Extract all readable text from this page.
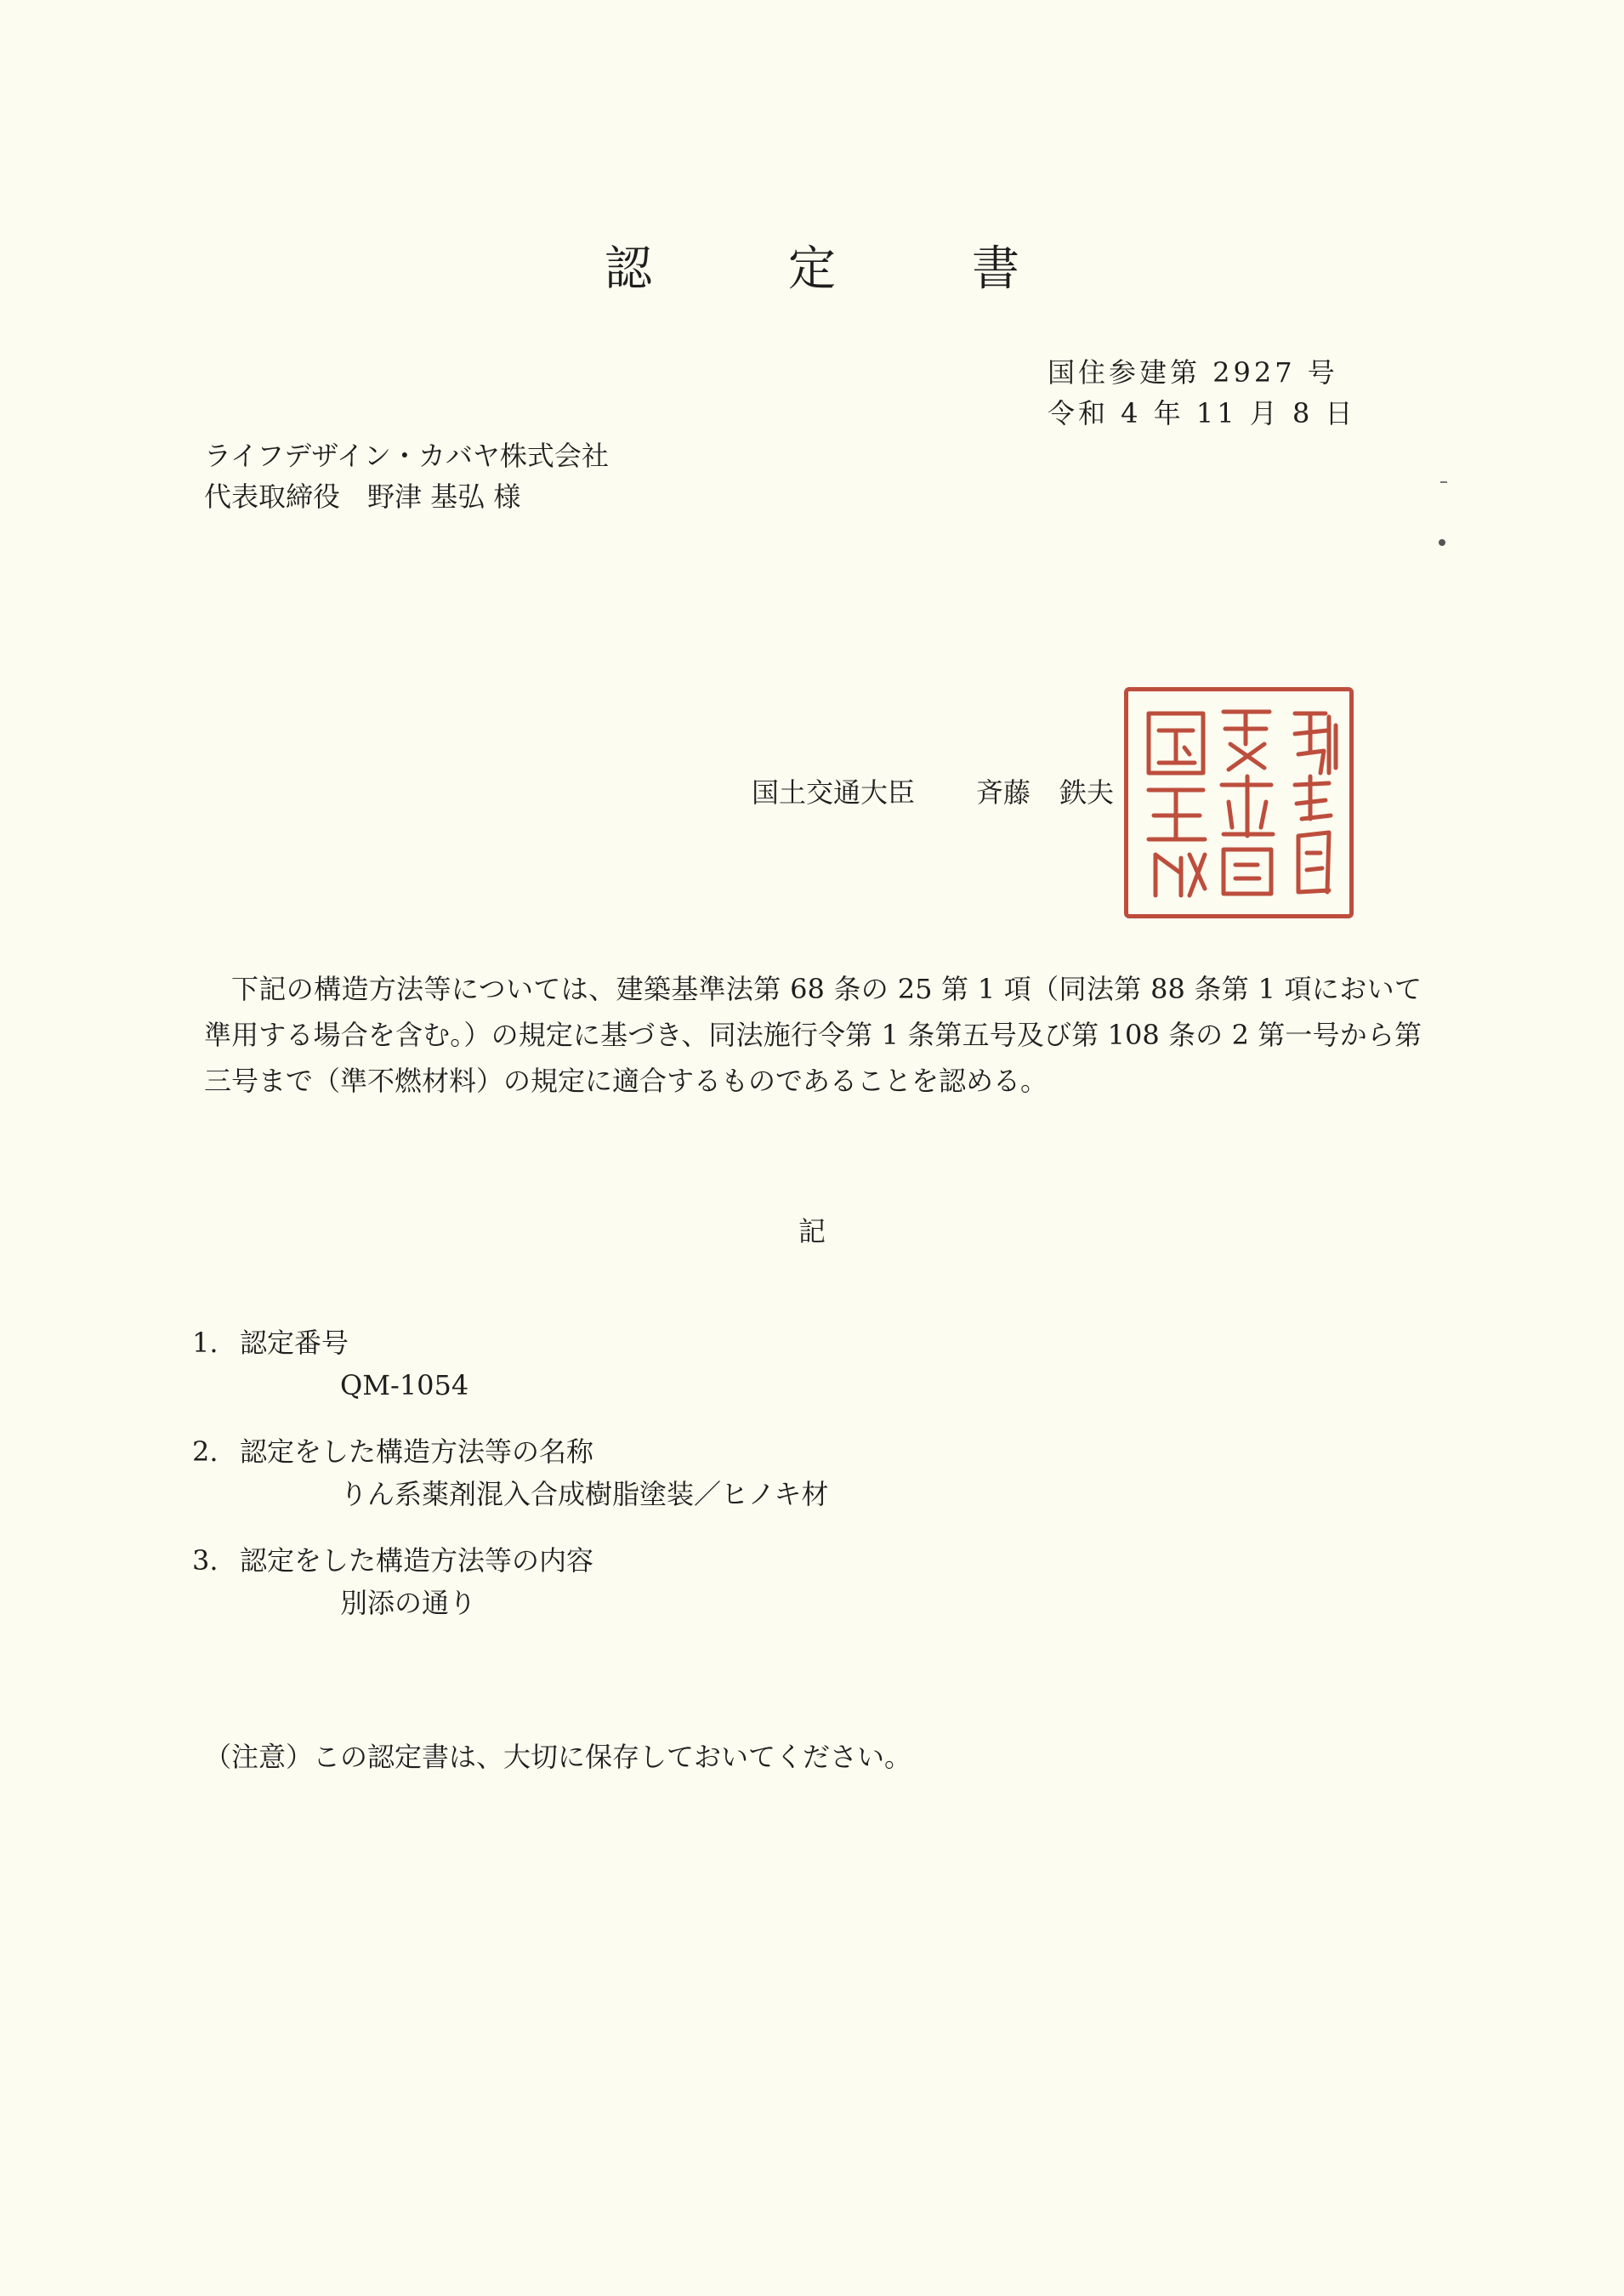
認　定　書
国住参建第 2927 号
令和 4 年 11 月 8 日
ライフデザイン・カバヤ株式会社
代表取締役　野津 基弘 様
国土交通大臣 斉藤 鉄夫
下記の構造方法等については、建築基準法第 68 条の 25 第 1 項（同法第 88 条第 1 項において準用する場合を含む。）の規定に基づき、同法施行令第 1 条第五号及び第 108 条の 2 第一号から第三号まで（準不燃材料）の規定に適合するものであることを認める。
記
1. 認定番号
QM-1054
2. 認定をした構造方法等の名称
りん系薬剤混入合成樹脂塗装／ヒノキ材
3. 認定をした構造方法等の内容
別添の通り
（注意）この認定書は、大切に保存しておいてください。
